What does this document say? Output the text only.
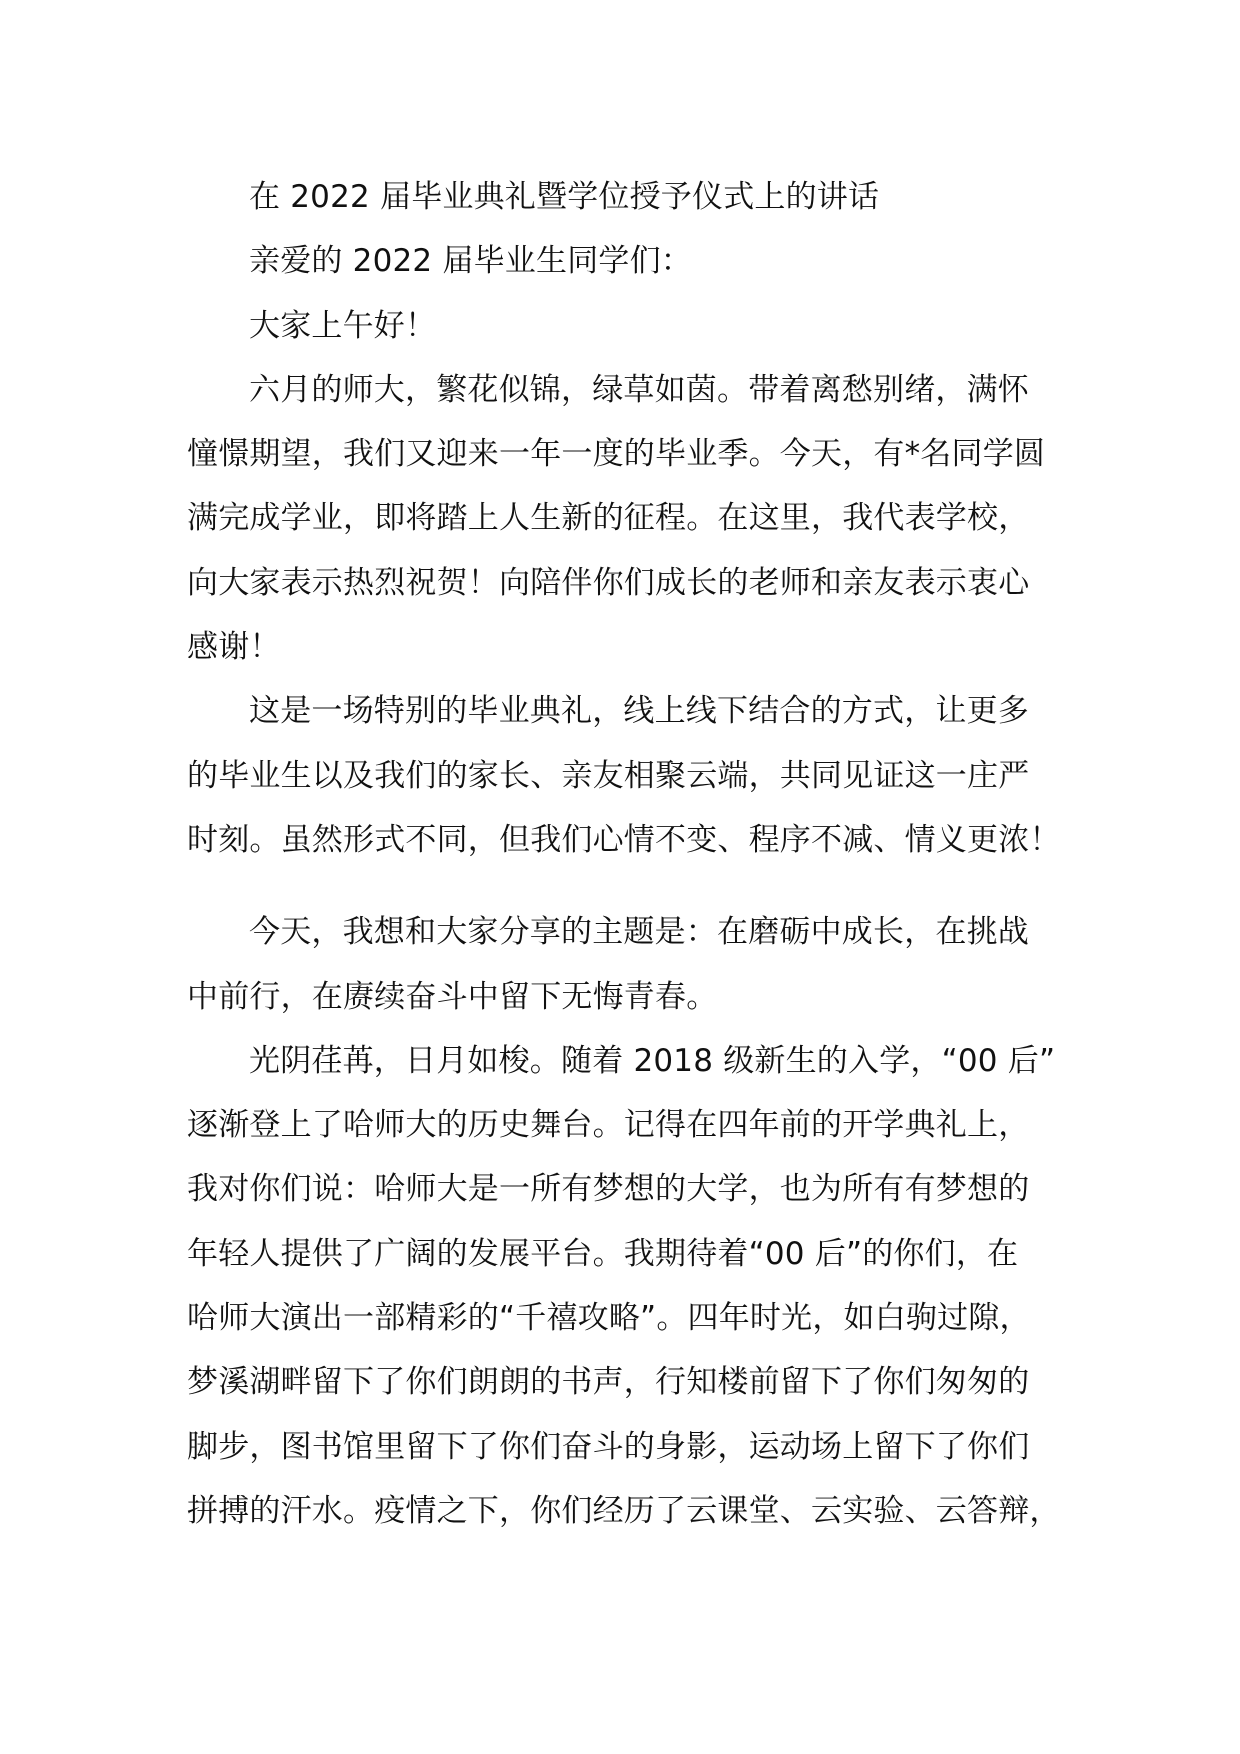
在 2022 届毕业典礼暨学位授予仪式上的讲话
亲爱的 2022 届毕业生同学们：
大家上午好！
六月的师大，繁花似锦，绿草如茵。带着离愁别绪，满怀
憧憬期望，我们又迎来一年一度的毕业季。今天，有*名同学圆
满完成学业，即将踏上人生新的征程。在这里，我代表学校，
向大家表示热烈祝贺！向陪伴你们成长的老师和亲友表示衷心
感谢！
这是一场特别的毕业典礼，线上线下结合的方式，让更多
的毕业生以及我们的家长、亲友相聚云端，共同见证这一庄严
时刻。虽然形式不同，但我们心情不变、程序不减、情义更浓！
今天，我想和大家分享的主题是：在磨砺中成长，在挑战
中前行，在赓续奋斗中留下无悔青春。
光阴荏苒，日月如梭。随着 2018 级新生的入学，“00 后”
逐渐登上了哈师大的历史舞台。记得在四年前的开学典礼上，
我对你们说：哈师大是一所有梦想的大学，也为所有有梦想的
年轻人提供了广阔的发展平台。我期待着“00 后”的你们，在
哈师大演出一部精彩的“千禧攻略”。四年时光，如白驹过隙，
梦溪湖畔留下了你们朗朗的书声，行知楼前留下了你们匆匆的
脚步，图书馆里留下了你们奋斗的身影，运动场上留下了你们
拼搏的汗水。疫情之下，你们经历了云课堂、云实验、云答辩，
